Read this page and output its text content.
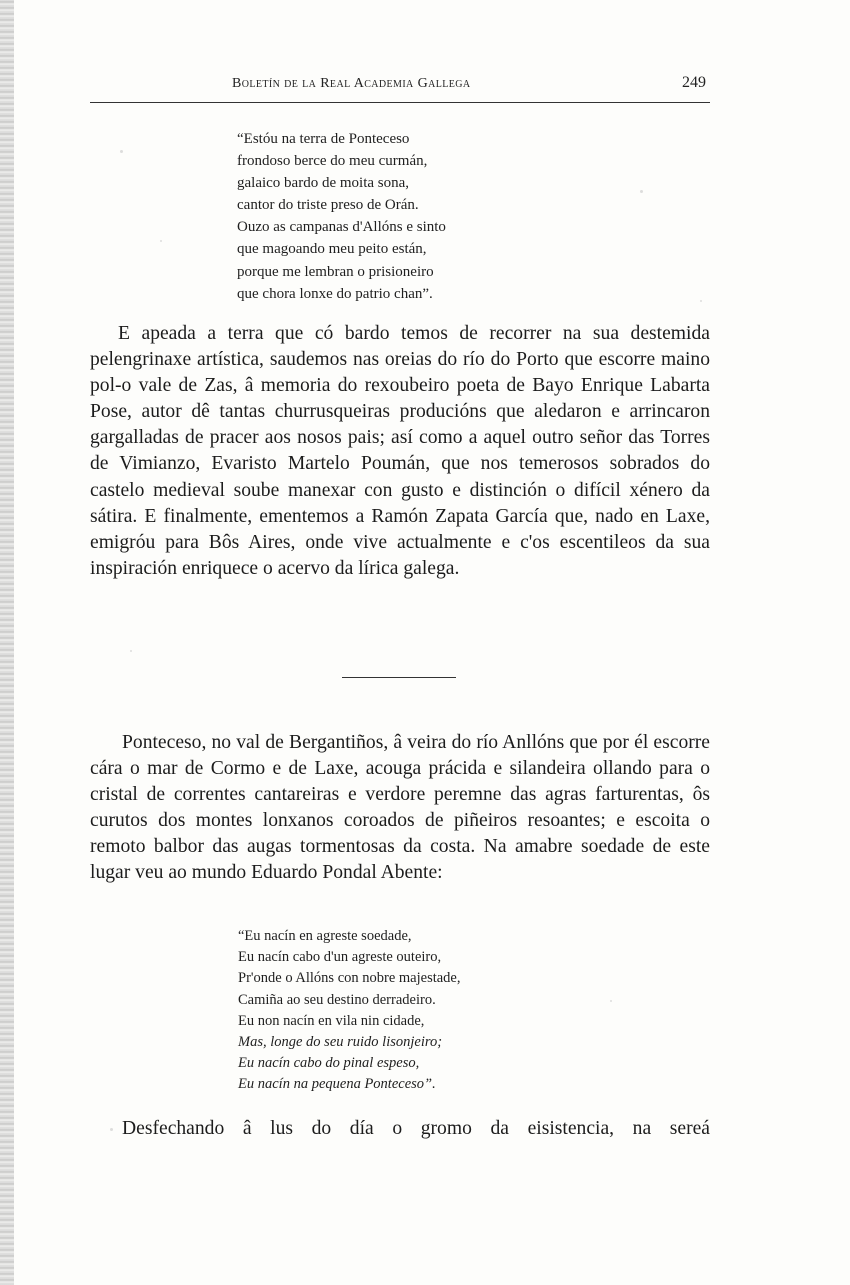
Boletín de la Real Academia Gallega	249
“Estóu na terra de Ponteceso
frondoso berce do meu curmán,
galaico bardo de moita sona,
cantor do triste preso de Orán.
Ouzo as campanas d'Allóns e sinto
que magoando meu peito están,
porque me lembran o prisioneiro
que chora lonxe do patrio chan”.

E apeada a terra que có bardo temos de recorrer na sua destemida pelengrinaxe artística, saudemos nas oreias do río do Porto que escorre maino pol-o vale de Zas, â memoria do rexoubeiro poeta de Bayo Enrique Labarta Pose, autor dê tantas churrusqueiras producións que aledaron e arrincaron gargalladas de pracer aos nosos pais; así como a aquel outro señor das Torres de Vimianzo, Evaristo Martelo Poumán, que nos temerosos sobrados do castelo medieval soube manexar con gusto e distinción o difícil xénero da sátira. E finalmente, ementemos a Ramón Zapata García que, nado en Laxe, emigróu para Bôs Aires, onde vive actualmente e c'os escentileos da sua inspiración enriquece o acervo da lírica galega.

Ponteceso, no val de Bergantiños, â veira do río Anllóns que por él escorre cára o mar de Cormo e de Laxe, acouga prácida e silandeira ollando para o cristal de correntes cantareiras e verdore peremne das agras farturentas, ôs curutos dos montes lonxanos coroados de piñeiros resoantes; e escoita o remoto balbor das augas tormentosas da costa. Na amabre soedade de este lugar veu ao mundo Eduardo Pondal Abente:

“Eu nacín en agreste soedade,
Eu nacín cabo d'un agreste outeiro,
Pr'onde o Allóns con nobre majestade,
Camiña ao seu destino derradeiro.
Eu non nacín en vila nin cidade,
Mas, longe do seu ruido lisonjeiro;
Eu nacín cabo do pinal espeso,
Eu nacín na pequena Ponteceso”.

Desfechando â lus do día o gromo da eisistencia, na sereá
